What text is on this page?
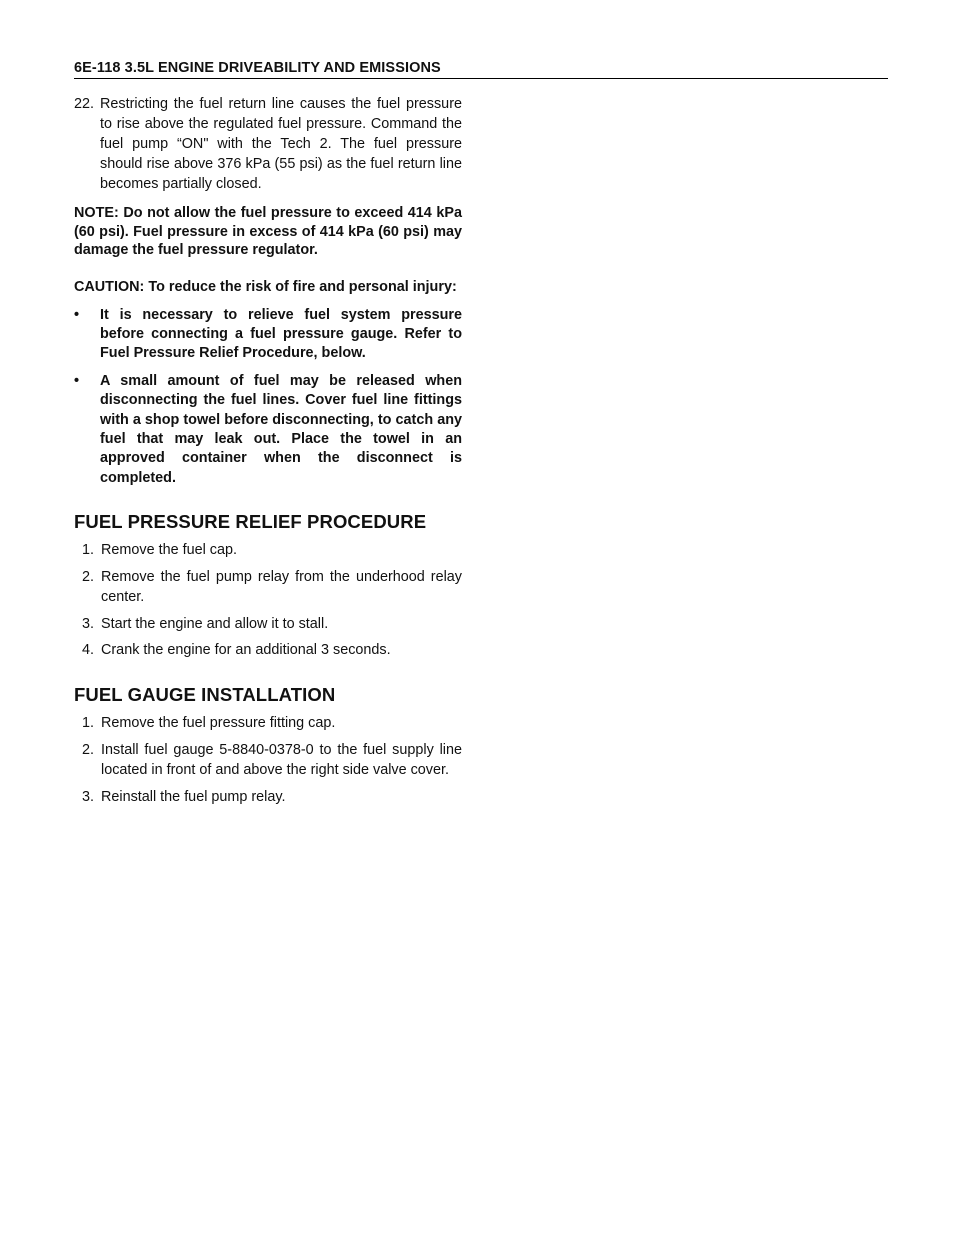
6E-118 3.5L ENGINE DRIVEABILITY AND EMISSIONS
22. Restricting the fuel return line causes the fuel pressure to rise above the regulated fuel pressure. Command the fuel pump “ON" with the Tech 2. The fuel pressure should rise above 376 kPa (55 psi) as the fuel return line becomes partially closed.
NOTE: Do not allow the fuel pressure to exceed 414 kPa (60 psi). Fuel pressure in excess of 414 kPa (60 psi) may damage the fuel pressure regulator.
CAUTION: To reduce the risk of fire and personal injury:
• It is necessary to relieve fuel system pressure before connecting a fuel pressure gauge. Refer to Fuel Pressure Relief Procedure, below.
• A small amount of fuel may be released when disconnecting the fuel lines. Cover fuel line fittings with a shop towel before disconnecting, to catch any fuel that may leak out. Place the towel in an approved container when the disconnect is completed.
FUEL PRESSURE RELIEF PROCEDURE
1. Remove the fuel cap.
2. Remove the fuel pump relay from the underhood relay center.
3. Start the engine and allow it to stall.
4. Crank the engine for an additional 3 seconds.
FUEL GAUGE INSTALLATION
1. Remove the fuel pressure fitting cap.
2. Install fuel gauge 5-8840-0378-0 to the fuel supply line located in front of and above the right side valve cover.
3. Reinstall the fuel pump relay.
